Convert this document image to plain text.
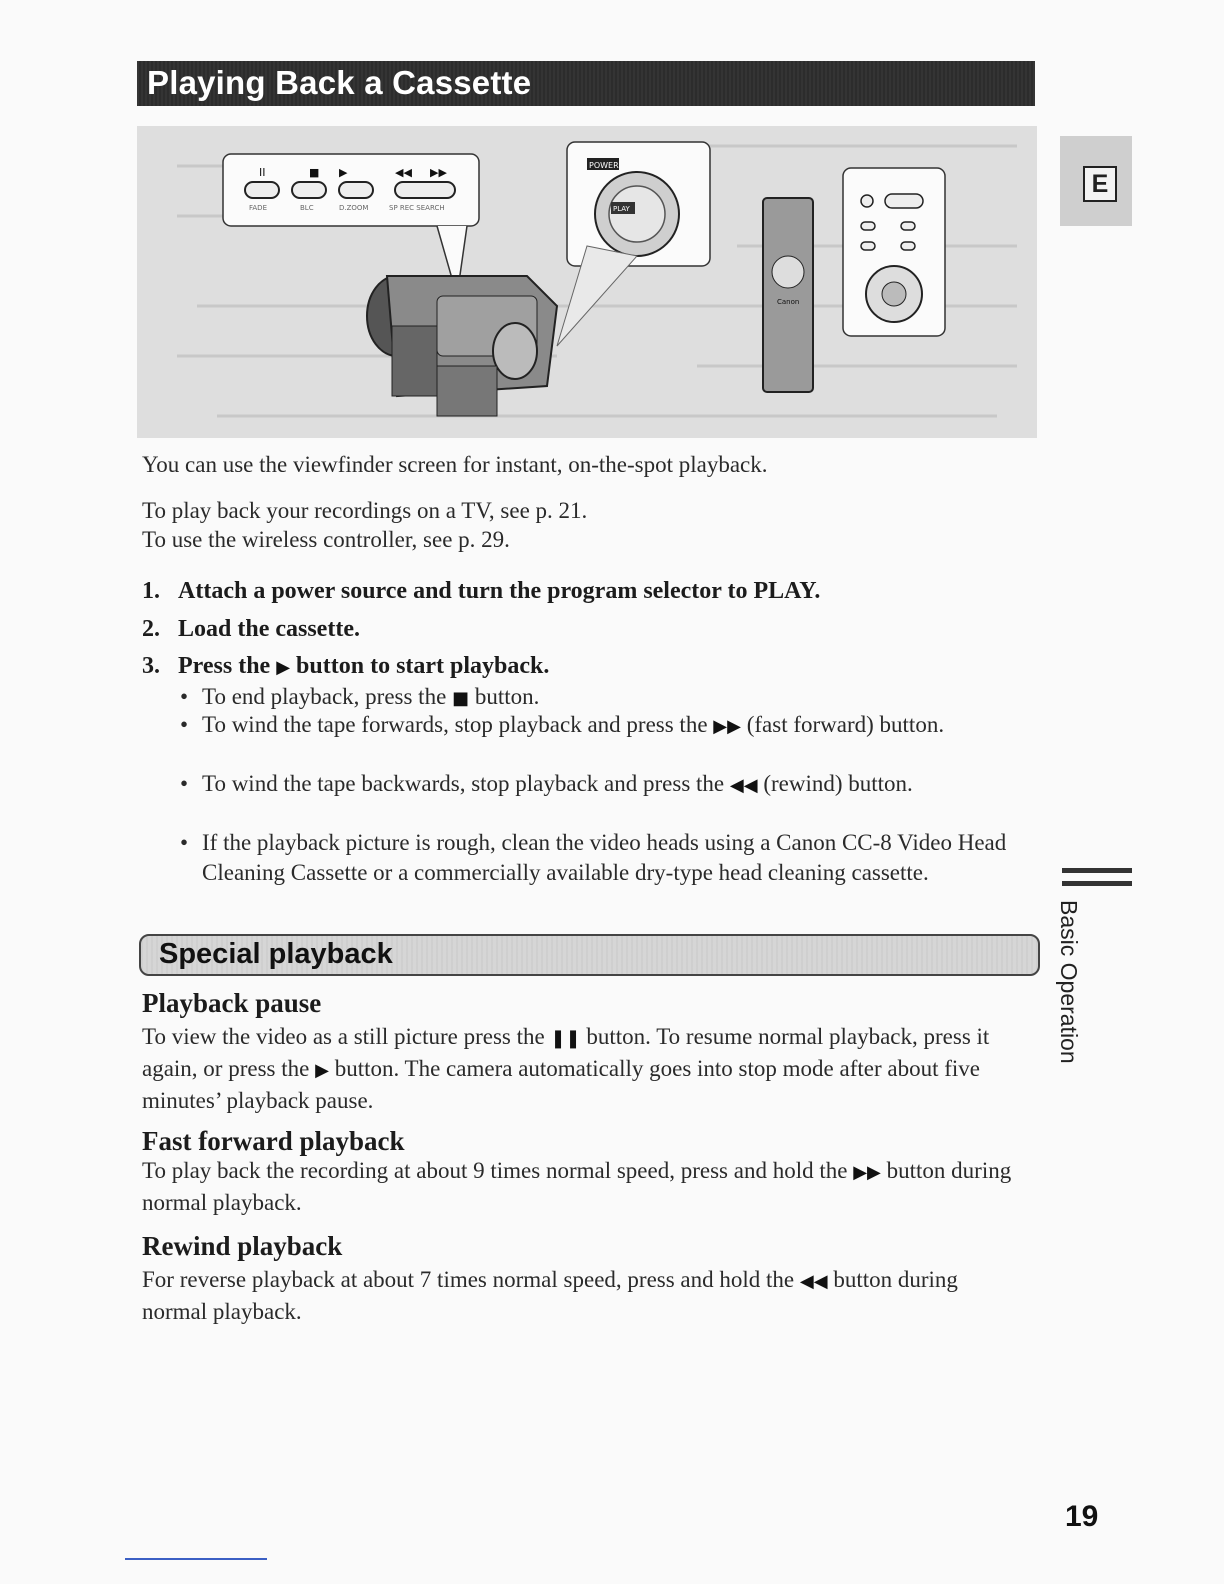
Playing Back a Cassette
II	■ ▶	◀◀ ▶▶
FADE	BLC	D.ZOOM	SP REC SEARCH
POWER
PLAY
Canon
E
Basic Operation
You can use the viewfinder screen for instant, on-the-spot playback.
To play back your recordings on a TV, see p. 21.
To use the wireless controller, see p. 29.
1. Attach a power source and turn the program selector to PLAY.
2. Load the cassette.
3. Press the ▶ button to start playback.
• To end playback, press the ■ button.
• To wind the tape forwards, stop playback and press the ▶▶ (fast forward) button.
• To wind the tape backwards, stop playback and press the ◀◀ (rewind) button.
• If the playback picture is rough, clean the video heads using a Canon CC-8 Video Head Cleaning Cassette or a commercially available dry-type head cleaning cassette.
Special playback
Playback pause
To view the video as a still picture press the ❚❚ button. To resume normal playback, press it again, or press the ▶ button. The camera automatically goes into stop mode after about five minutes’ playback pause.
Fast forward playback
To play back the recording at about 9 times normal speed, press and hold the ▶▶ button during normal playback.
Rewind playback
For reverse playback at about 7 times normal speed, press and hold the ◀◀ button during normal playback.
19
